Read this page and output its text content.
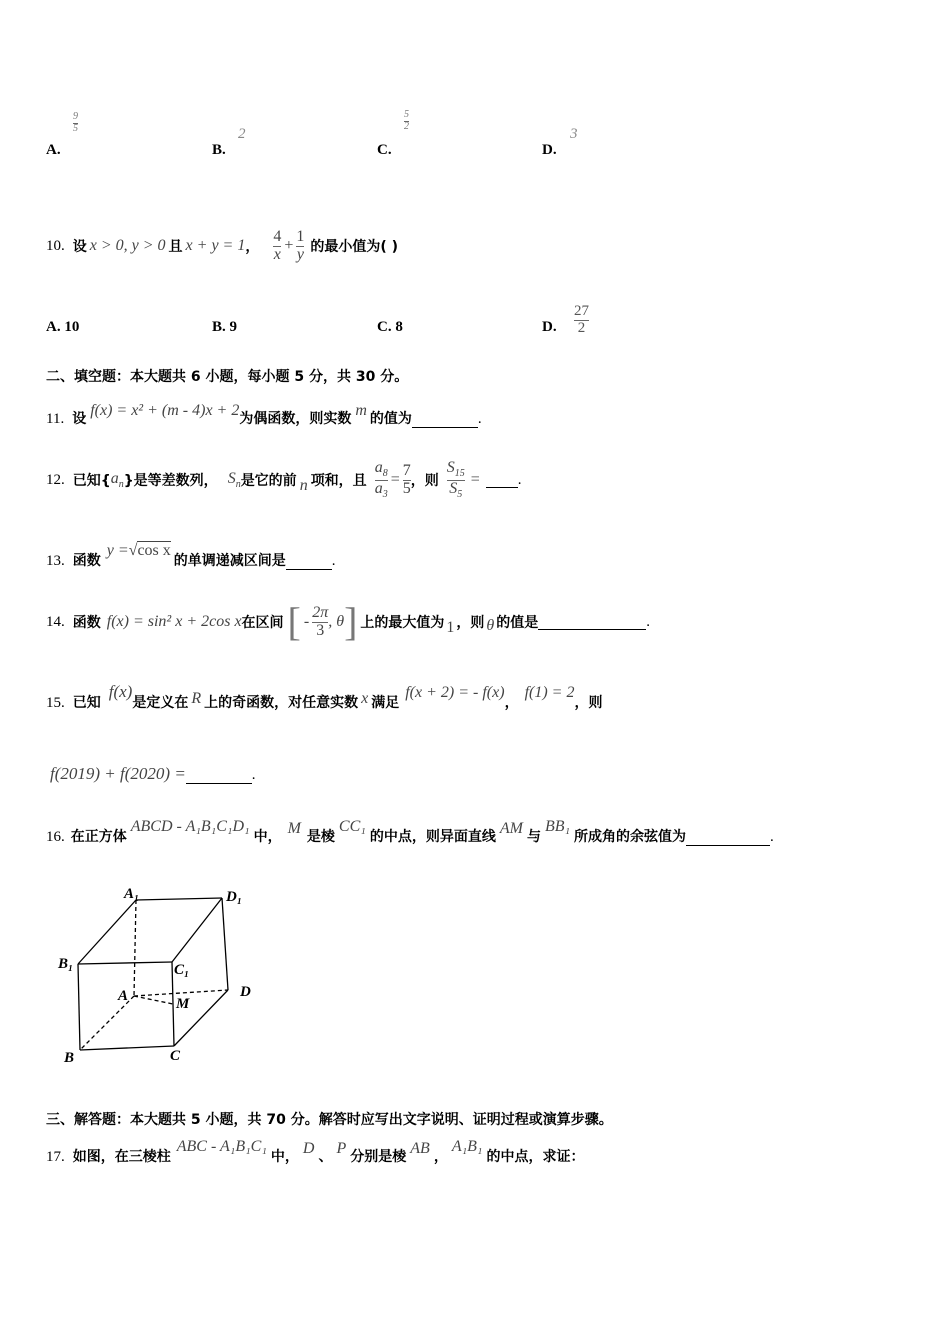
A.
9
5
B.
2
C.
5
2
D.
3
10. 设 x > 0, y > 0 且 x + y = 1 ， $\frac{4}{x} + \frac{1}{y}$ 的最小值为( )
A. 10	B. 9	C. 8	D.
27
2
二、填空题：本大题共 6 小题，每小题 5 分，共 30 分。
11. 设 f(x) = x² + (m - 4)x + 2 为偶函数，则实数 m 的值为	.
12. 已知{ $a_n$ }是等差数列， $S_n$ 是它的前 n 项和，且 $\frac{a_8}{a_3} = \frac{7}{5}$ ，则 $\frac{S_{15}}{S_5}$ =	.
13. 函数
y = √ cos x
的单调递减区间是	.
14. 函数 f(x) = sin² x + 2cos x 在区间 [ - $\frac{2\pi}{3}$ , θ ] 上的最大值为 1 ，则 θ 的值是	.
15. 已知
f(x)
是定义在 R 上的奇函数，对任意实数 x 满足
f(x + 2) = - f(x)
，
f(1) = 2
，则
f(2019) + f(2020) =	.
16. 在正方体
ABCD - A₁B₁C₁D₁
中， M 是棱
CC₁
的中点，则异面直线 AM 与
BB₁
所成角的余弦值为	.
A₁	D₁
B₁	C₁
A	M
D
B	C
三、解答题：本大题共 5 小题，共 70 分。解答时应写出文字说明、证明过程或演算步骤。
17. 如图，在三棱柱
ABC - A₁B₁C₁
中， D 、 P 分别是棱 AB ，
A₁B₁
的中点，求证：
